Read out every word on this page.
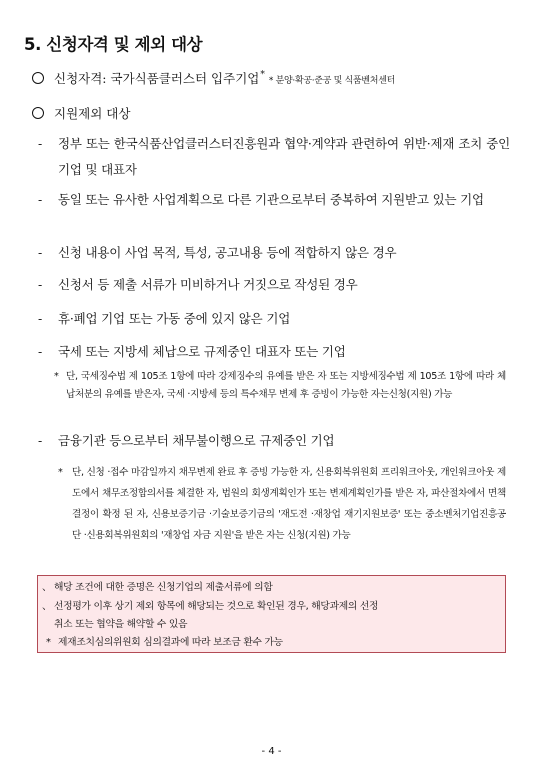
5. 신청자격 및 제외 대상
신청자격: 국가식품클러스터 입주기업** 분양·확공·준공 및 식품벤처센터
지원제외 대상
-	정부 또는 한국식품산업클러스터진흥원과 협약·계약과 관련하여 위반·제재 조치 중인 기업 및 대표자
-	동일 또는 유사한 사업계획으로 다른 기관으로부터 중복하여 지원받고 있는 기업
-	신청 내용이 사업 목적, 특성, 공고내용 등에 적합하지 않은 경우
-	신청서 등 제출 서류가 미비하거나 거짓으로 작성된 경우
-	휴·폐업 기업 또는 가동 중에 있지 않은 기업
-	국세 또는 지방세 체납으로 규제중인 대표자 또는 기업
* 단, 국세징수법 제 105조 1항에 따라 강제징수의 유예를 받은 자 또는 지방세징수법 제 105조 1항에 따라 체납처분의 유예를 받은자, 국세 ·지방세 등의 특수채무 변제 후 증빙이 가능한 자는신청(지원) 가능
-	금융기관 등으로부터 채무불이행으로 규제중인 기업
* 단, 신청 ·접수 마감일까지 채무변제 완료 후 증빙 가능한 자, 신용회복위원회 프리워크아웃, 개인워크아웃 제도에서 채무조정합의서를 체결한 자, 법원의 회생계획인가 또는 변제계획인가를 받은 자, 파산절차에서 면책결정이 확정 된 자, 신용보증기금 ·기술보증기금의 '재도전 ·재창업 재기지원보증' 또는 중소벤처기업진흥공단 ·신용회복위원회의 '재창업 자금 지원'을 받은 자는 신청(지원) 가능
、 해당 조건에 대한 증명은 신청기업의 제출서류에 의함
、 선정평가 이후 상기 제외 항목에 해당되는 것으로 확인된 경우, 해당과제의 선정
취소 또는 협약을 해약할 수 있음
* 제재조치심의위원회 심의결과에 따라 보조금 환수 가능
- 4 -
